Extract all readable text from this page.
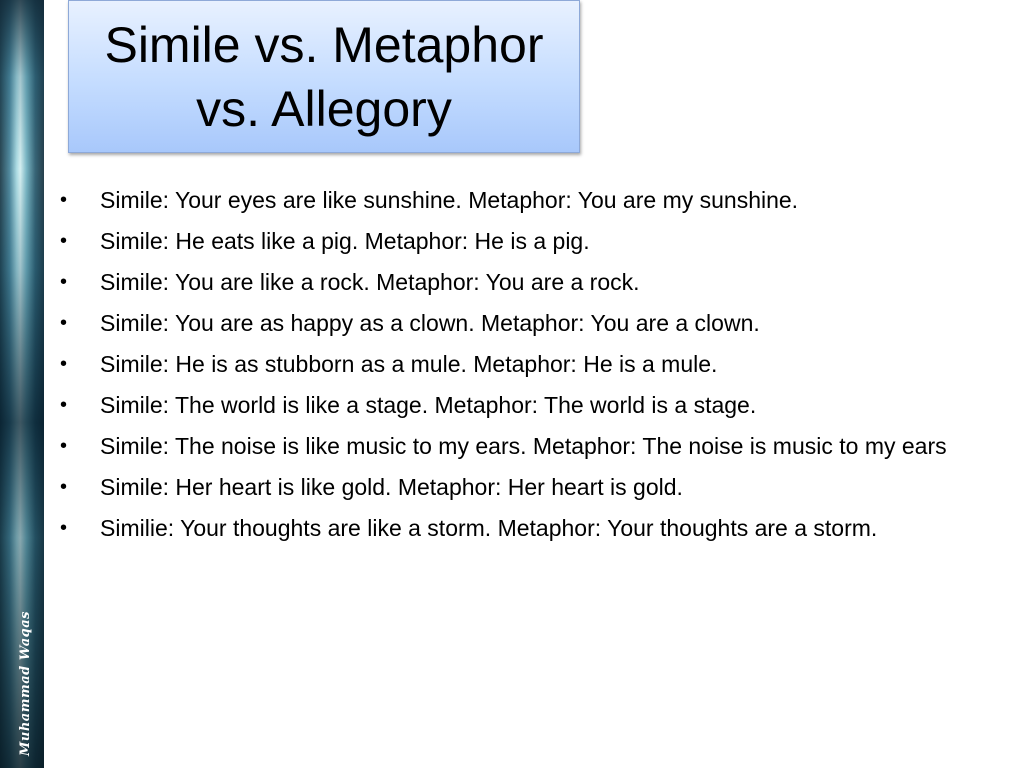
Muhammad Waqas
Simile vs. Metaphor vs. Allegory
•	Simile: Your eyes are like sunshine. Metaphor: You are my sunshine.
•	Simile: He eats like a pig. Metaphor: He is a pig.
•	Simile: You are like a rock. Metaphor: You are a rock.
•	Simile: You are as happy as a clown. Metaphor: You are a clown.
•	Simile: He is as stubborn as a mule. Metaphor: He is a mule.
•	Simile: The world is like a stage. Metaphor: The world is a stage.
•	Simile: The noise is like music to my ears. Metaphor: The noise is music to my ears
•	Simile: Her heart is like gold. Metaphor: Her heart is gold.
•	Similie: Your thoughts are like a storm. Metaphor: Your thoughts are a storm.
